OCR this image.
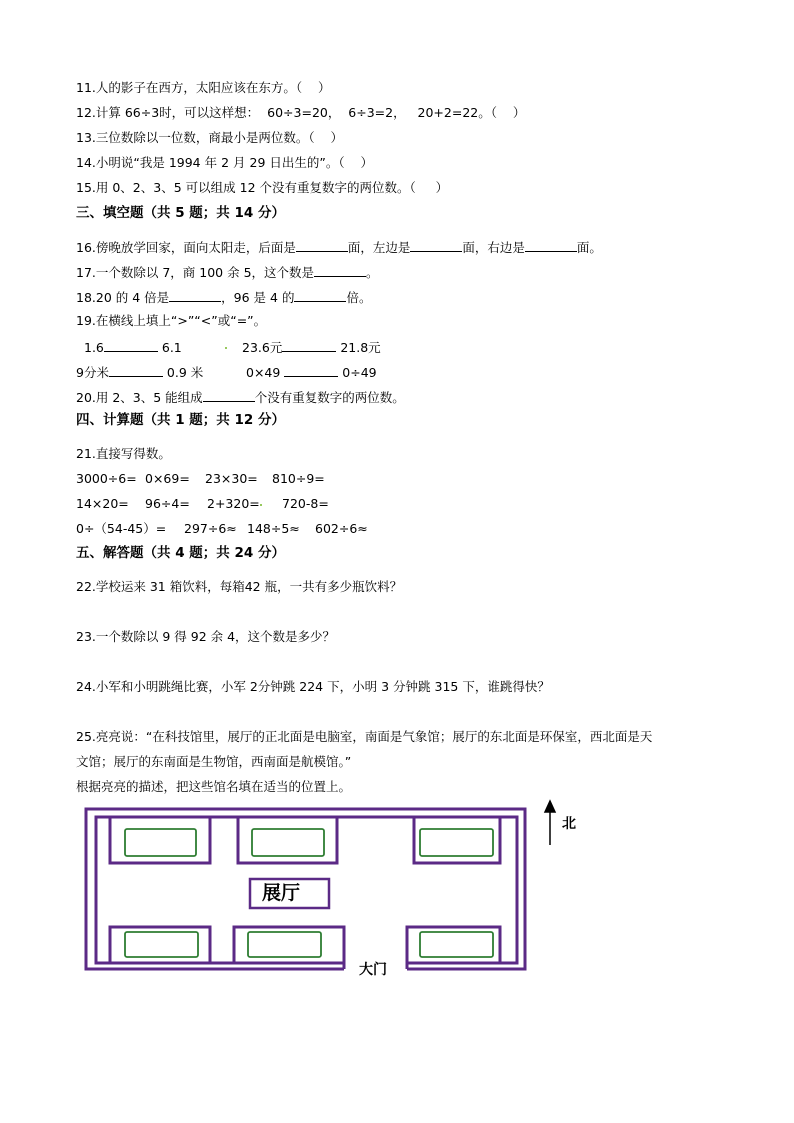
11.人的影子在西方，太阳应该在东方。（    ）
12.计算 66÷3时，可以这样想：  60÷3=20，  6÷3=2，   20+2=22。（    ）
13.三位数除以一位数，商最小是两位数。（    ）
14.小明说“我是 1994 年 2 月 29 日出生的”。（    ）
15.用 0、2、3、5 可以组成 12 个没有重复数字的两位数。（     ）
三、填空题（共 5 题；共 14 分）
16.傍晚放学回家，面向太阳走，后面是	面，左边是	面，右边是	面。
17.一个数除以 7，商 100 余 5，这个数是	。
18.20 的 4 倍是	，96 是 4 的	倍。
19.在横线上填上“>”“<”或“=”。
1.6	6.1	23.6元	21.8元
9分米	0.9 米	0×49	0÷49
20.用 2、3、5 能组成	个没有重复数字的两位数。
四、计算题（共 1 题；共 12 分）
21.直接写得数。
3000÷6= 0×69= 23×30= 810÷9=
14×20= 96÷4= 2+320= 720-8=
0÷（54-45）= 297÷6≈ 148÷5≈ 602÷6≈
五、解答题（共 4 题；共 24 分）
22.学校运来 31 箱饮料，每箱42 瓶，一共有多少瓶饮料？
23.一个数除以 9 得 92 余 4，这个数是多少？
24.小军和小明跳绳比赛，小军 2分钟跳 224 下，小明 3 分钟跳 315 下，谁跳得快？
25.亮亮说：“在科技馆里，展厅的正北面是电脑室，南面是气象馆；展厅的东北面是环保室，西北面是天
文馆；展厅的东南面是生物馆，西南面是航模馆。”
根据亮亮的描述，把这些馆名填在适当的位置上。
展厅
大门
北
